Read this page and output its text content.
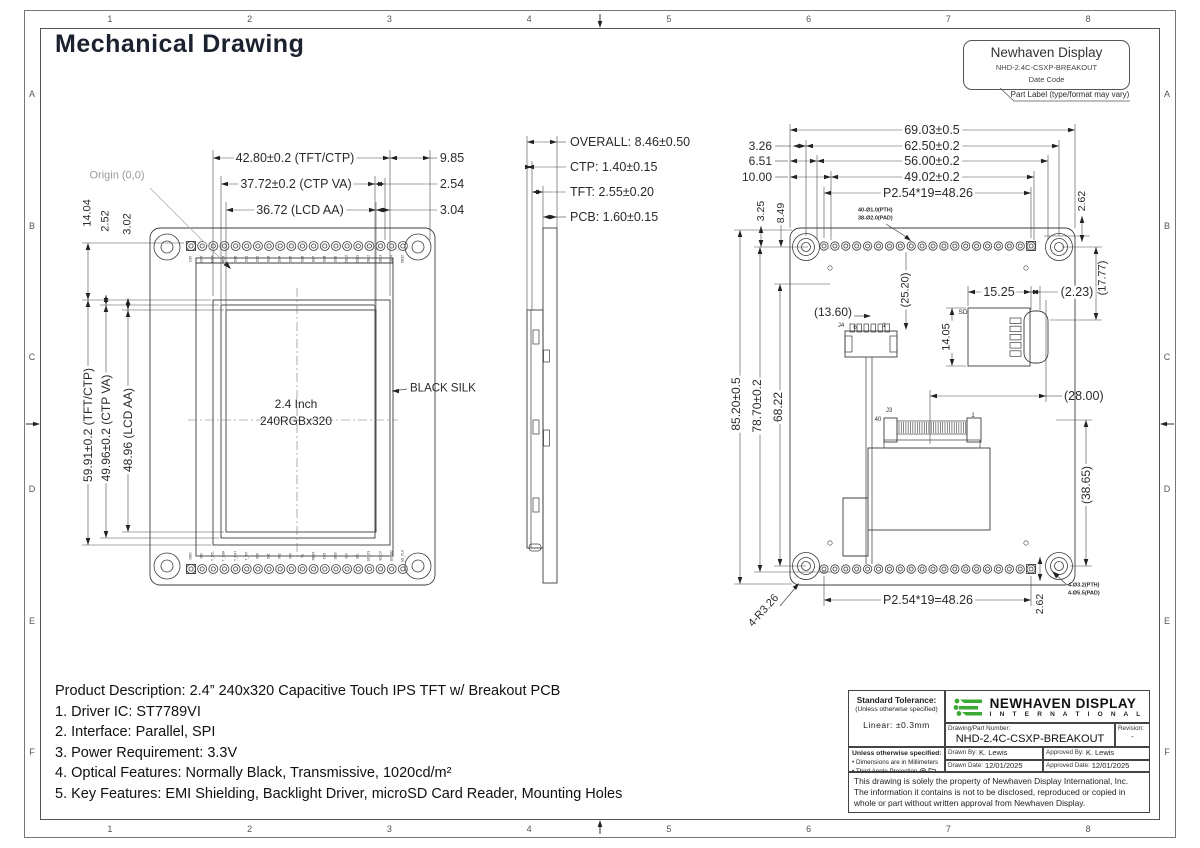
Mechanical Drawing	Newhaven Display
NHD-2.4C-CSXP-BREAKOUT
Date Code
Part Label (type/format may vary)
42.80±0.2 (TFT/CTP)	9.85
37.72±0.2 (CTP VA)	2.54
36.72 (LCD AA)	3.04
Origin (0,0)
14.04 2.52 3.02
59.91±0.2 (TFT/CTP) 49.96±0.2 (CTP VA) 48.96 (LCD AA)	2.4 Inch
240RGBx320
BLACK SILK
OVERALL: 8.46±0.50
CTP: 1.40±0.15
TFT: 2.55±0.20
PCB: 1.60±0.15
69.03±0.5
62.50±0.2
56.00±0.2
49.02±0.2
P2.54*19=48.26
3.26
6.51
10.00
3.25 8.49
2.62
(17.77)
40-Ø1.0(PTH)
38-Ø2.0(PAD)
(13.60)
(25.20)
J4 6	1
SD
15.25	(2.23)
14.05
85.20±0.5 78.70±0.2 68.22	J3
40
1
(28.00)
(38.65)
P2.54*19=48.26	2.62
4-R3.26
4-Ø3.2(PTH)
4-Ø5.5(PAD)
CSX DCX WRX RDX DB0 DB1 DB2 DB3 DB4 DB5 DB6 DB7 DB8 DB9 DB10 DB11 DB12 DB13 DB14 DB15
GND VIN T_SCL T_SDA T_RST T_INT IM0 IM1 IM2 IM3 TE RESX CSX SDO SDI SCL SD_CS SD_DI SD_DO SD_CLK
Product Description: 2.4” 240x320 Capacitive Touch IPS TFT w/ Breakout PCB
1. Driver IC: ST7789VI
2. Interface: Parallel, SPI
3. Power Requirement: 3.3V
4. Optical Features: Normally Black, Transmissive, 1020cd/m²
5. Key Features: EMI Shielding, Backlight Driver, microSD Card Reader, Mounting Holes
Standard Tolerance:
(Unless otherwise specified)
Linear: ±0.3mm
NEWHAVEN DISPLAY
I N T E R N A T I O N A L
Drawing/Part Number:
NHD-2.4C-CSXP-BREAKOUT
Revision:
-
Unless otherwise specified:
• Dimensions are in Millimeters
Drawn By: K. Lewis	Approved By: K. Lewis
Drawn Date: 12/01/2025	Approved Date: 12/01/2025
This drawing is solely the property of Newhaven Display International, Inc. The information it contains is not to be disclosed, reproduced or copied in whole or part without written approval from Newhaven Display.
1
1
2
2
3
3
4
4
5
5
6
6
7
7
8
8
A	A
B	B
C	C
D	D
E	E
F	F
